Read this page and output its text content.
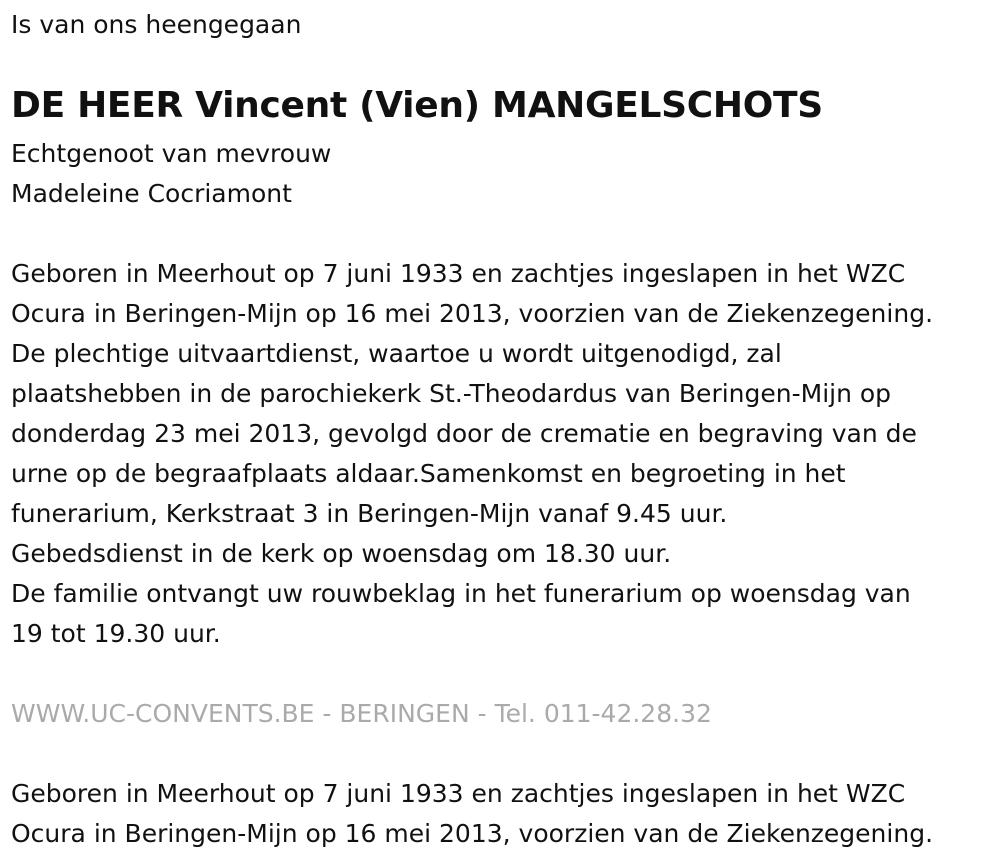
Is van ons heengegaan

DE HEER Vincent (Vien) MANGELSCHOTS

Echtgenoot van mevrouw
Madeleine Cocriamont

Geboren in Meerhout op 7 juni 1933 en zachtjes ingeslapen in het WZC
Ocura in Beringen-Mijn op 16 mei 2013, voorzien van de Ziekenzegening.
De plechtige uitvaartdienst, waartoe u wordt uitgenodigd, zal
plaatshebben in de parochiekerk St.-Theodardus van Beringen-Mijn op
donderdag 23 mei 2013, gevolgd door de crematie en begraving van de
urne op de begraafplaats aldaar.Samenkomst en begroeting in het
funerarium, Kerkstraat 3 in Beringen-Mijn vanaf 9.45 uur.
Gebedsdienst in de kerk op woensdag om 18.30 uur.
De familie ontvangt uw rouwbeklag in het funerarium op woensdag van
19 tot 19.30 uur.

WWW.UC-CONVENTS.BE - BERINGEN - Tel. 011-42.28.32

Geboren in Meerhout op 7 juni 1933 en zachtjes ingeslapen in het WZC
Ocura in Beringen-Mijn op 16 mei 2013, voorzien van de Ziekenzegening.
